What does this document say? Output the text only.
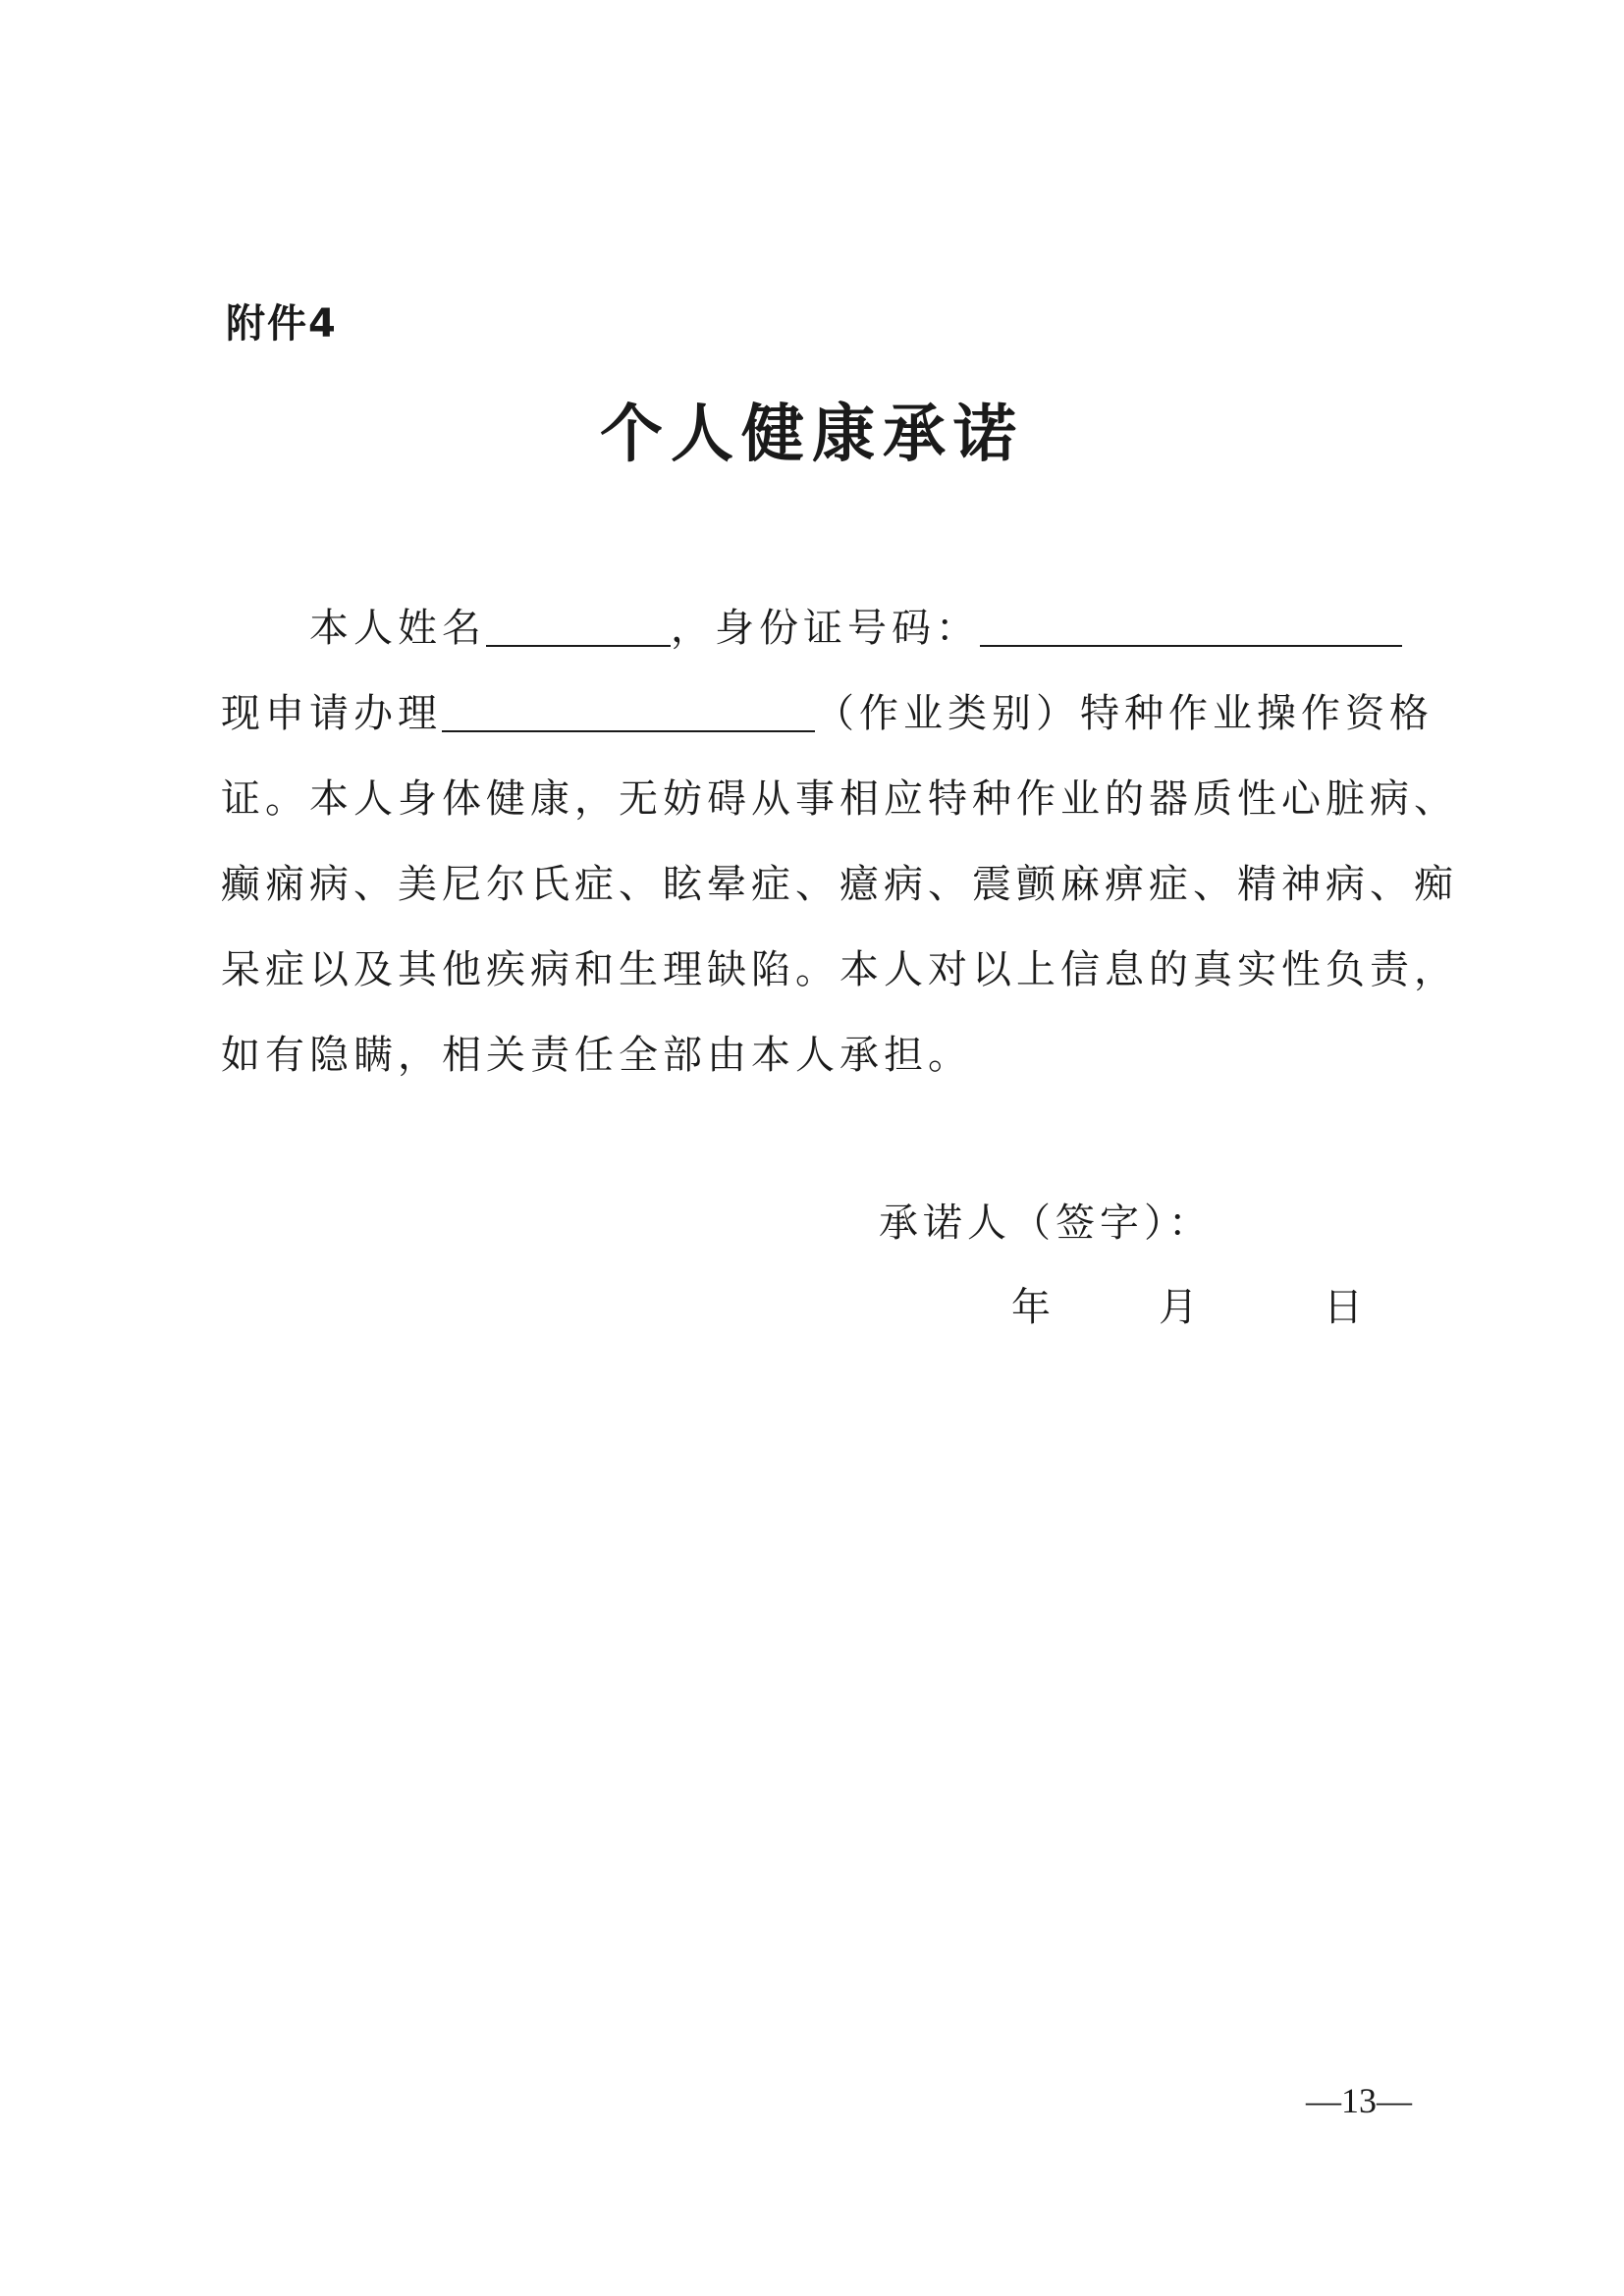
附件4
个人健康承诺
本人姓名	，身份证号码：
现申请办理	（作业类别）特种作业操作资格
证。本人身体健康，无妨碍从事相应特种作业的器质性心脏病、
癫痫病、美尼尔氏症、眩晕症、癔病、震颤麻痹症、精神病、痴
呆症以及其他疾病和生理缺陷。本人对以上信息的真实性负责，
如有隐瞒，相关责任全部由本人承担。
承诺人（签字）：
年	月	日
—13—
